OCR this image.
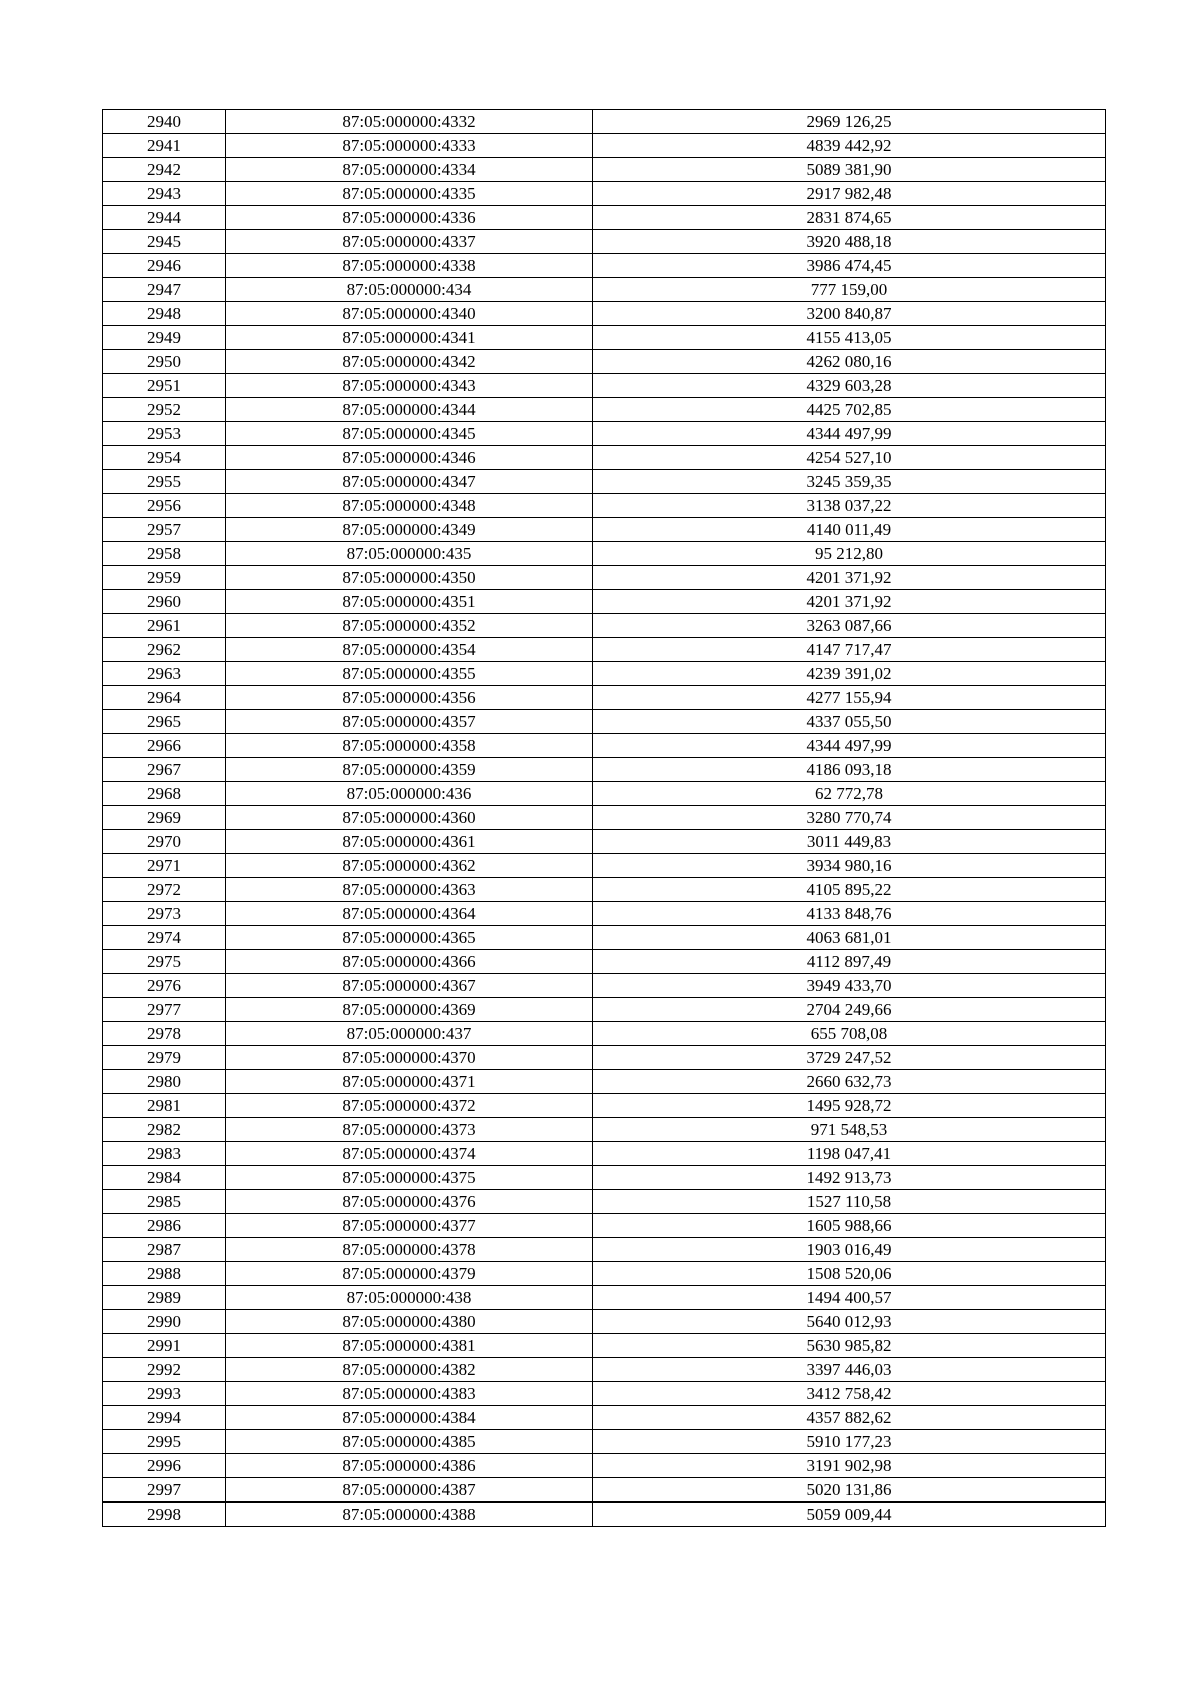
2940	87:05:000000:4332	2969 126,25
2941	87:05:000000:4333	4839 442,92
2942	87:05:000000:4334	5089 381,90
2943	87:05:000000:4335	2917 982,48
2944	87:05:000000:4336	2831 874,65
2945	87:05:000000:4337	3920 488,18
2946	87:05:000000:4338	3986 474,45
2947	87:05:000000:434	777 159,00
2948	87:05:000000:4340	3200 840,87
2949	87:05:000000:4341	4155 413,05
2950	87:05:000000:4342	4262 080,16
2951	87:05:000000:4343	4329 603,28
2952	87:05:000000:4344	4425 702,85
2953	87:05:000000:4345	4344 497,99
2954	87:05:000000:4346	4254 527,10
2955	87:05:000000:4347	3245 359,35
2956	87:05:000000:4348	3138 037,22
2957	87:05:000000:4349	4140 011,49
2958	87:05:000000:435	95 212,80
2959	87:05:000000:4350	4201 371,92
2960	87:05:000000:4351	4201 371,92
2961	87:05:000000:4352	3263 087,66
2962	87:05:000000:4354	4147 717,47
2963	87:05:000000:4355	4239 391,02
2964	87:05:000000:4356	4277 155,94
2965	87:05:000000:4357	4337 055,50
2966	87:05:000000:4358	4344 497,99
2967	87:05:000000:4359	4186 093,18
2968	87:05:000000:436	62 772,78
2969	87:05:000000:4360	3280 770,74
2970	87:05:000000:4361	3011 449,83
2971	87:05:000000:4362	3934 980,16
2972	87:05:000000:4363	4105 895,22
2973	87:05:000000:4364	4133 848,76
2974	87:05:000000:4365	4063 681,01
2975	87:05:000000:4366	4112 897,49
2976	87:05:000000:4367	3949 433,70
2977	87:05:000000:4369	2704 249,66
2978	87:05:000000:437	655 708,08
2979	87:05:000000:4370	3729 247,52
2980	87:05:000000:4371	2660 632,73
2981	87:05:000000:4372	1495 928,72
2982	87:05:000000:4373	971 548,53
2983	87:05:000000:4374	1198 047,41
2984	87:05:000000:4375	1492 913,73
2985	87:05:000000:4376	1527 110,58
2986	87:05:000000:4377	1605 988,66
2987	87:05:000000:4378	1903 016,49
2988	87:05:000000:4379	1508 520,06
2989	87:05:000000:438	1494 400,57
2990	87:05:000000:4380	5640 012,93
2991	87:05:000000:4381	5630 985,82
2992	87:05:000000:4382	3397 446,03
2993	87:05:000000:4383	3412 758,42
2994	87:05:000000:4384	4357 882,62
2995	87:05:000000:4385	5910 177,23
2996	87:05:000000:4386	3191 902,98
2997	87:05:000000:4387	5020 131,86
2998	87:05:000000:4388	5059 009,44
